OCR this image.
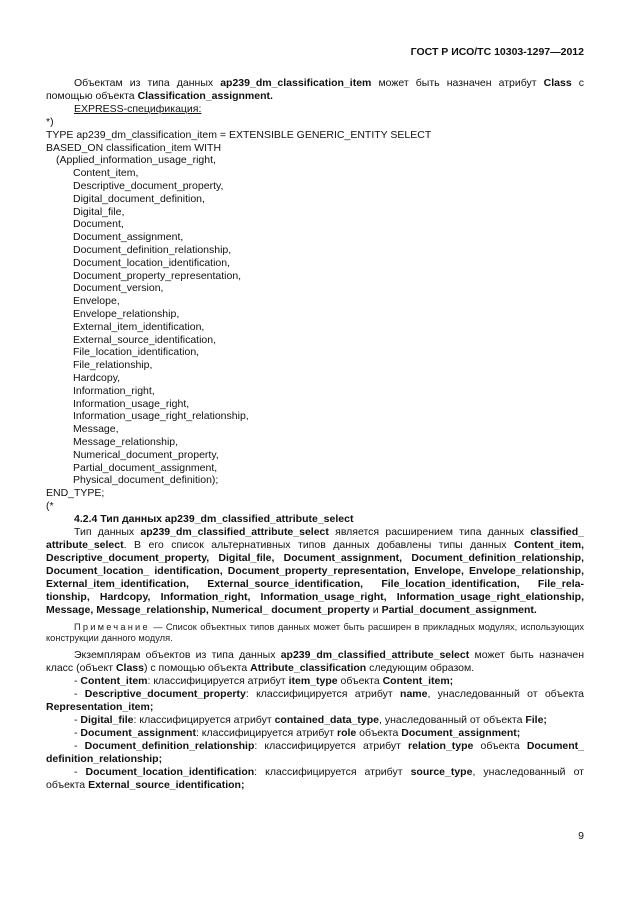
ГОСТ Р ИСО/ТС 10303-1297—2012

Объектам из типа данных ap239_dm_classification_item может быть назначен атрибут Class с помощью объекта Classification_assignment.

EXPRESS-спецификация:

*)
TYPE ap239_dm_classification_item = EXTENSIBLE GENERIC_ENTITY SELECT
BASED_ON classification_item WITH
(Applied_information_usage_right,
Content_item,
Descriptive_document_property,
Digital_document_definition,
Digital_file,
Document,
Document_assignment,
Document_definition_relationship,
Document_location_identification,
Document_property_representation,
Document_version,
Envelope,
Envelope_relationship,
External_item_identification,
External_source_identification,
File_location_identification,
File_relationship,
Hardcopy,
Information_right,
Information_usage_right,
Information_usage_right_relationship,
Message,
Message_relationship,
Numerical_document_property,
Partial_document_assignment,
Physical_document_definition);
END_TYPE;
(*

4.2.4 Тип данных ap239_dm_classified_attribute_select

Тип данных ap239_dm_classified_attribute_select является расширением типа данных classified_ attribute_select. В его список альтернативных типов данных добавлены типы данных Content_item, Descriptive_document_property, Digital_file, Document_assignment, Document_definition_relationship, Document_location_ identification, Document_property_representation, Envelope, Envelope_relationship, External_item_identification, External_source_identification, File_location_identification, File_rela- tionship, Hardcopy, Information_right, Information_usage_right, Information_usage_right_elationship, Message, Message_relationship, Numerical_ document_property и Partial_document_assignment.

Примечание — Список объектных типов данных может быть расширен в прикладных модулях, использующих конструкции данного модуля.

Экземплярам объектов из типа данных ap239_dm_classified_attribute_select может быть назначен класс (объект Class) с помощью объекта Attribute_classification следующим образом.

- Content_item: классифицируется атрибут item_type объекта Content_item;

- Descriptive_document_property: классифицируется атрибут name, унаследованный от объекта Representation_item;

- Digital_file: классифицируется атрибут contained_data_type, унаследованный от объекта File;

- Document_assignment: классифицируется атрибут role объекта Document_assignment;

- Document_definition_relationship: классифицируется атрибут relation_type объекта Document_ definition_relationship;

- Document_location_identification: классифицируется атрибут source_type, унаследованный от объекта External_source_identification;

9
